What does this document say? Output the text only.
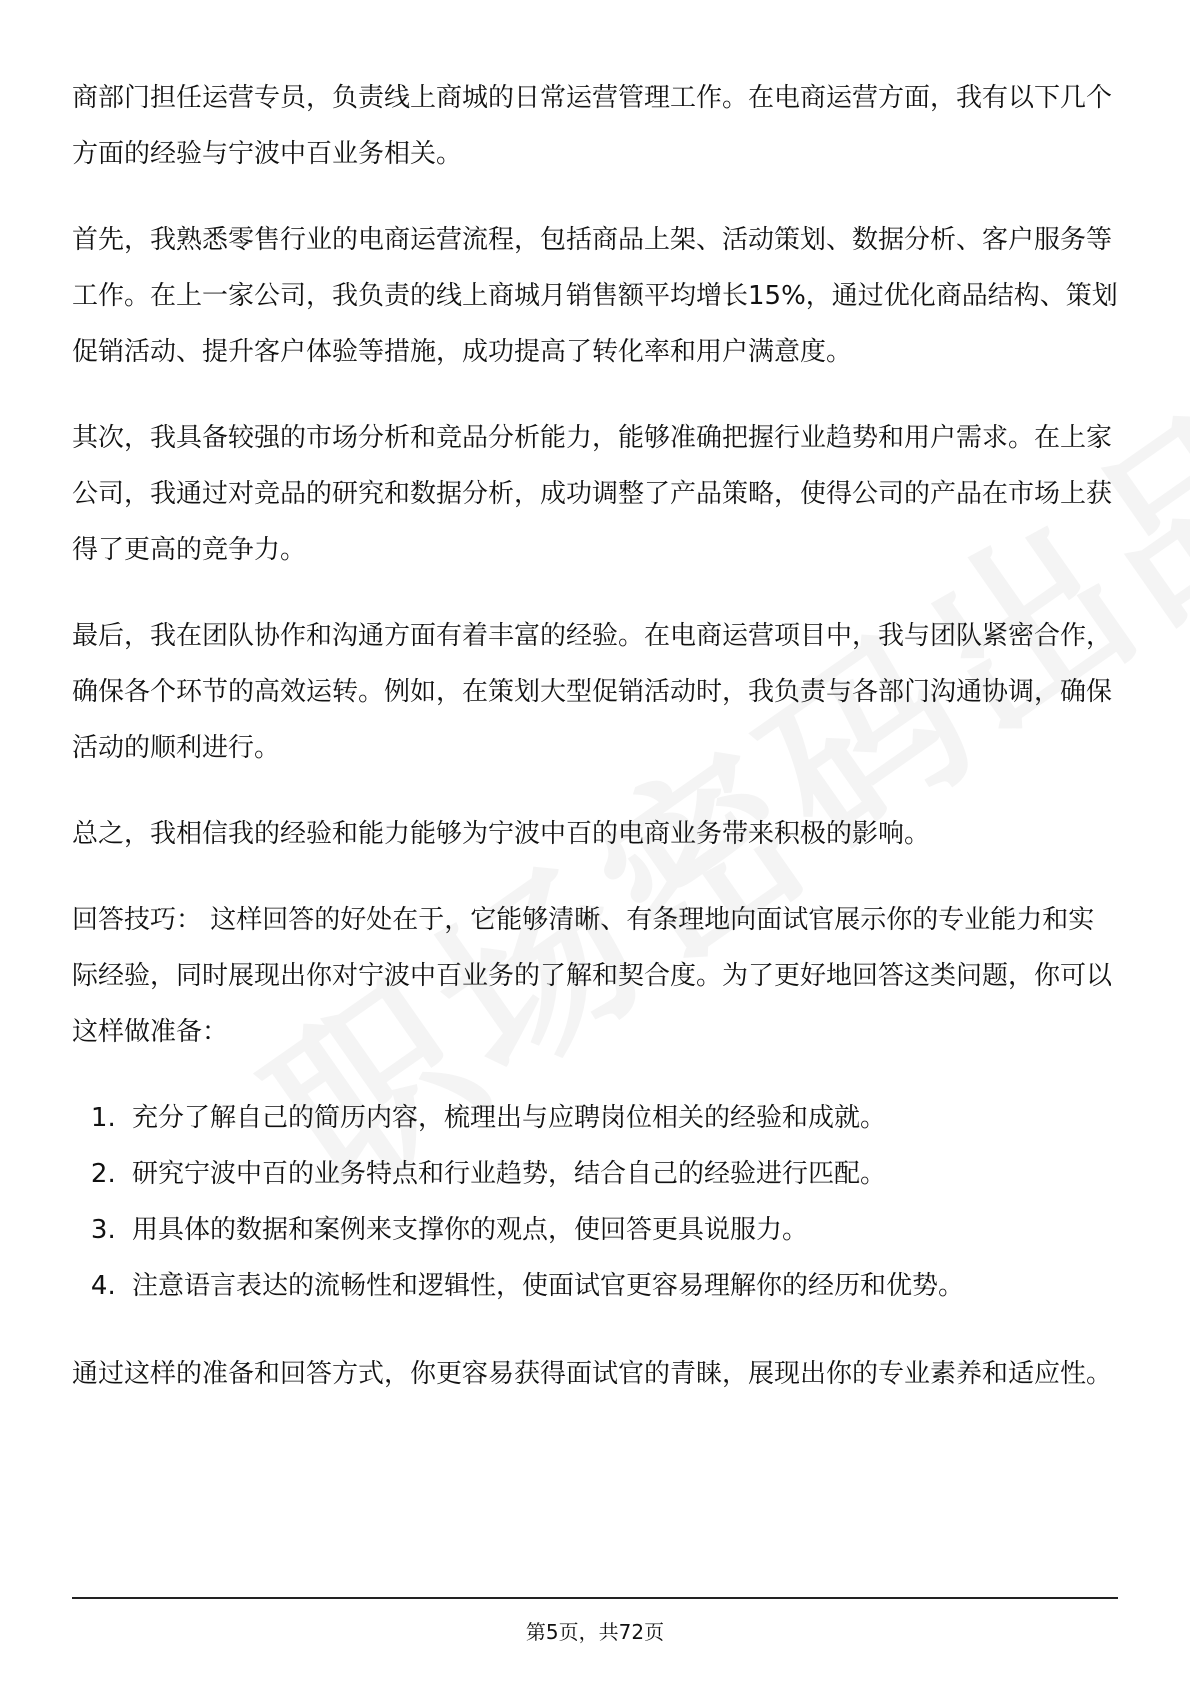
商部门担任运营专员，负责线上商城的日常运营管理工作。在电商运营方面，我有以下几个方面的经验与宁波中百业务相关。

首先，我熟悉零售行业的电商运营流程，包括商品上架、活动策划、数据分析、客户服务等工作。在上一家公司，我负责的线上商城月销售额平均增长15%，通过优化商品结构、策划促销活动、提升客户体验等措施，成功提高了转化率和用户满意度。

其次，我具备较强的市场分析和竞品分析能力，能够准确把握行业趋势和用户需求。在上家公司，我通过对竞品的研究和数据分析，成功调整了产品策略，使得公司的产品在市场上获得了更高的竞争力。

最后，我在团队协作和沟通方面有着丰富的经验。在电商运营项目中，我与团队紧密合作，确保各个环节的高效运转。例如，在策划大型促销活动时，我负责与各部门沟通协调，确保活动的顺利进行。

总之，我相信我的经验和能力能够为宁波中百的电商业务带来积极的影响。

回答技巧： 这样回答的好处在于，它能够清晰、有条理地向面试官展示你的专业能力和实际经验，同时展现出你对宁波中百业务的了解和契合度。为了更好地回答这类问题，你可以这样做准备：

1. 充分了解自己的简历内容，梳理出与应聘岗位相关的经验和成就。
2. 研究宁波中百的业务特点和行业趋势，结合自己的经验进行匹配。
3. 用具体的数据和案例来支撑你的观点，使回答更具说服力。
4. 注意语言表达的流畅性和逻辑性，使面试官更容易理解你的经历和优势。

通过这样的准备和回答方式，你更容易获得面试官的青睐，展现出你的专业素养和适应性。

第5页，共72页
